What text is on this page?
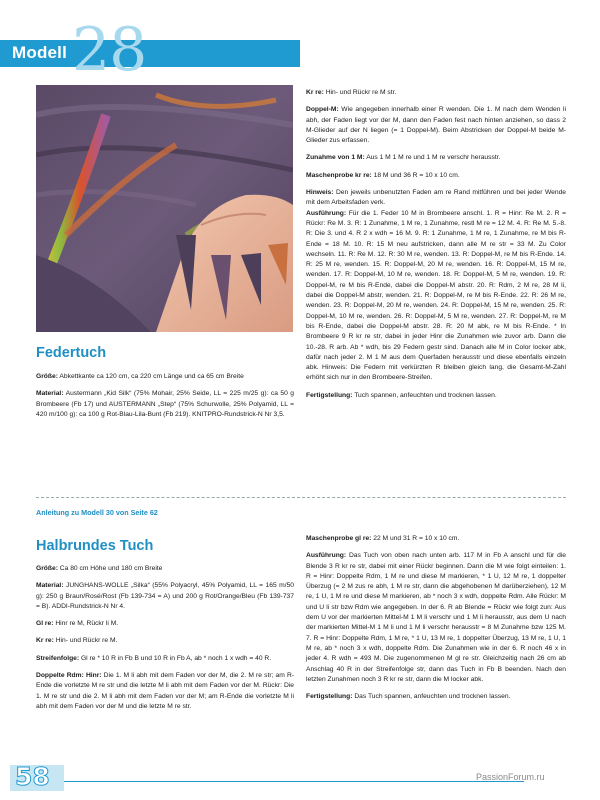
Modell 28
Federtuch

Größe: Abkettkante ca 120 cm, ca 220 cm Länge und ca 65 cm Breite

Material: Austermann „Kid Silk“ (75% Mohair, 25% Seide, LL = 225 m/25 g): ca 50 g Brombeere (Fb 17) und AUSTERMANN „Step“ (75% Schurwolle, 25% Polyamid, LL = 420 m/100 g): ca 100 g Rot-Blau-Lila-Bunt (Fb 219). KNITPRO-Rundstrick-N Nr 3,5.

Kr re: Hin- und Rückr re M str.

Doppel-M: Wie angegeben innerhalb einer R wenden. Die 1. M nach dem Wenden li abh, der Faden liegt vor der M, dann den Faden fest nach hinten anziehen, so dass 2 M-Glieder auf der N liegen (= 1 Doppel-M). Beim Abstricken der Doppel-M beide M-Glieder zus erfassen.

Zunahme von 1 M: Aus 1 M 1 M re und 1 M re verschr herausstr.

Maschenprobe kr re: 18 M und 36 R = 10 x 10 cm.

Hinweis: Den jeweils unbenutzten Faden am re Rand mitführen und bei jeder Wende mit dem Arbeitsfaden verk.

Ausführung: Für die 1. Feder 10 M in Brombeere anschl. 1. R = Hinr: Re M. 2. R = Rückr: Re M. 3. R: 1 Zunahme, 1 M re, 1 Zunahme, restl M re = 12 M. 4. R: Re M. 5.-8. R: Die 3. und 4. R 2 x wdh = 16 M. 9. R: 1 Zunahme, 1 M re, 1 Zunahme, re M bis R-Ende = 18 M. 10. R: 15 M neu aufstricken, dann alle M re str = 33 M. Zu Color wechseln. 11. R: Re M. 12. R: 30 M re, wenden. 13. R: Doppel-M, re M bis R-Ende. 14. R: 25 M re, wenden. 15. R: Doppel-M, 20 M re, wenden. 16. R: Doppel-M, 15 M re, wenden. 17. R: Doppel-M, 10 M re, wenden. 18. R: Doppel-M, 5 M re, wenden. 19. R: Doppel-M, re M bis R-Ende, dabei die Doppel-M abstr. 20. R: Rdm, 2 M re, 28 M li, dabei die Doppel-M abstr, wenden. 21. R: Doppel-M, re M bis R-Ende. 22. R: 26 M re, wenden. 23. R: Doppel-M, 20 M re, wenden. 24. R: Doppel-M, 15 M re, wenden. 25. R: Doppel-M, 10 M re, wenden. 26. R: Doppel-M, 5 M re, wenden. 27. R: Doppel-M, re M bis R-Ende, dabei die Doppel-M abstr. 28. R: 20 M abk, re M bis R-Ende. * In Brombeere 9 R kr re str, dabei in jeder Hinr die Zunahmen wie zuvor arb. Dann die 10.-28. R arb. Ab * wdh, bis 29 Federn gestr sind. Danach alle M in Color locker abk, dafür nach jeder 2. M 1 M aus dem Querfaden herausstr und diese ebenfalls einzeln abk. Hinweis: Die Federn mit verkürzten R bleiben gleich lang, die Gesamt-M-Zahl erhöht sich nur in den Brombeere-Streifen.

Fertigstellung: Tuch spannen, anfeuchten und trocknen lassen.

Anleitung zu Modell 30 von Seite 62
Halbrundes Tuch

Größe: Ca 80 cm Höhe und 180 cm Breite

Material: JUNGHANS-WOLLE „Silka“ (55% Polyacryl, 45% Polyamid, LL = 165 m/50 g): 250 g Braun/Rosé/Rost (Fb 139-734 = A) und 200 g Rot/Orange/Bleu (Fb 139-737 = B). ADDI-Rundstrick-N Nr 4.

Gl re: Hinr re M, Rückr li M.

Kr re: Hin- und Rückr re M.

Streifenfolge: Gl re * 10 R in Fb B und 10 R in Fb A, ab * noch 1 x wdh = 40 R.

Doppelte Rdm: Hinr: Die 1. M li abh mit dem Faden vor der M, die 2. M re str; am R-Ende die vorletzte M re str und die letzte M li abh mit dem Faden vor der M. Rückr: Die 1. M re str und die 2. M li abh mit dem Faden vor der M; am R-Ende die vorletzte M li abh mit dem Faden vor der M und die letzte M re str.

Maschenprobe gl re: 22 M und 31 R = 10 x 10 cm.

Ausführung: Das Tuch von oben nach unten arb. 117 M in Fb A anschl und für die Blende 3 R kr re str, dabei mit einer Rückr beginnen. Dann die M wie folgt einteilen: 1. R = Hinr: Doppelte Rdm, 1 M re und diese M markieren, * 1 U, 12 M re, 1 doppelter Überzug (= 2 M zus re abh, 1 M re str, dann die abgehobenen M darüberziehen), 12 M re, 1 U, 1 M re und diese M markieren, ab * noch 3 x wdh, doppelte Rdm. Alle Rückr: M und U li str bzw Rdm wie angegeben. In der 6. R ab Blende = Rückr wie folgt zun: Aus dem U vor der markierten Mittel-M 1 M li verschr und 1 M li herausstr, aus dem U nach der markierten Mittel-M 1 M li und 1 M li verschr herausstr = 8 M Zunahme bzw 125 M. 7. R = Hinr: Doppelte Rdm, 1 M re, * 1 U, 13 M re, 1 doppelter Überzug, 13 M re, 1 U, 1 M re, ab * noch 3 x wdh, doppelte Rdm. Die Zunahmen wie in der 6. R noch 46 x in jeder 4. R wdh = 493 M. Die zugenommenen M gl re str. Gleichzeitig nach 26 cm ab Anschlag 40 R in der Streifenfolge str, dann das Tuch in Fb B beenden. Nach den letzten Zunahmen noch 3 R kr re str, dann die M locker abk.

Fertigstellung: Das Tuch spannen, anfeuchten und trocknen lassen.

58	PassionForum.ru
